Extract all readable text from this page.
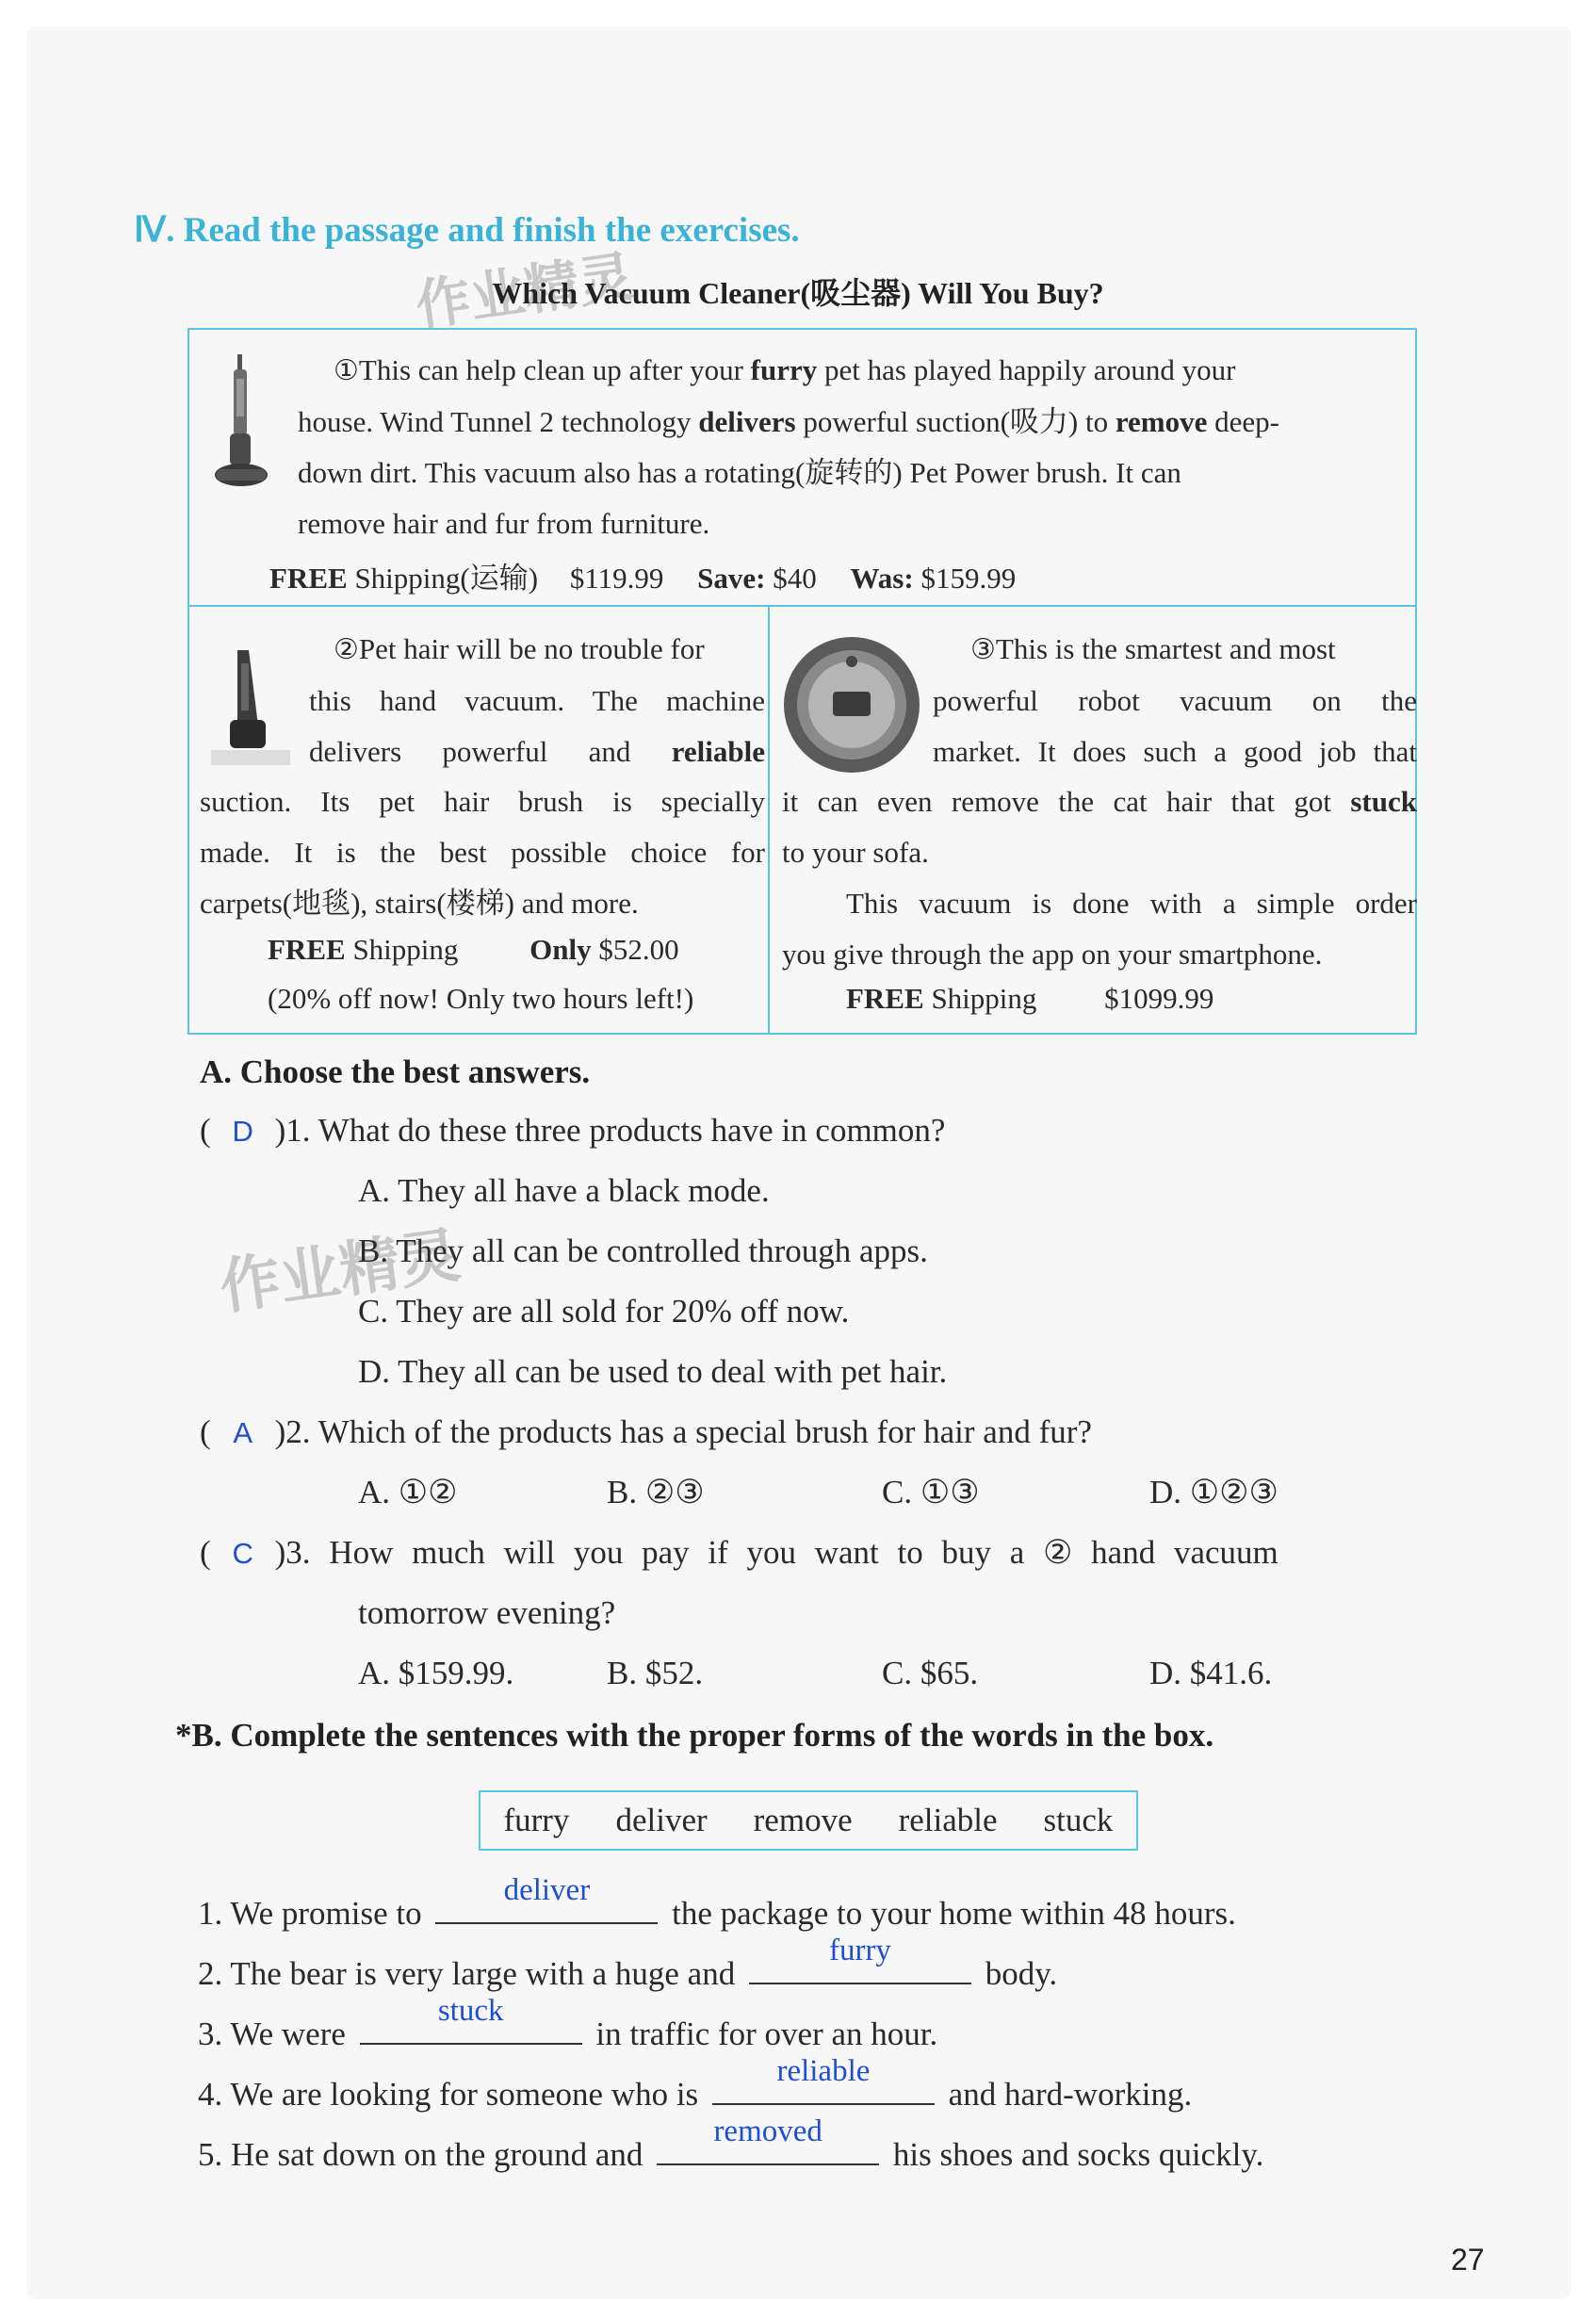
作业精灵
作业精灵
Ⅳ. Read the passage and finish the exercises.
Which Vacuum Cleaner(吸尘器) Will You Buy?
①This can help clean up after your furry pet has played happily around your
house. Wind Tunnel 2 technology delivers powerful suction(吸力) to remove deep-
down dirt. This vacuum also has a rotating(旋转的) Pet Power brush. It can
remove hair and fur from furniture.
FREE Shipping(运输) $119.99 Save: $40 Was: $159.99
②Pet hair will be no trouble for
this hand vacuum. The machine
delivers powerful and reliable
suction. Its pet hair brush is specially
made. It is the best possible choice for
carpets(地毯), stairs(楼梯) and more.
FREE Shipping Only $52.00
(20% off now! Only two hours left!)
③This is the smartest and most
powerful robot vacuum on the
market. It does such a good job that
it can even remove the cat hair that got stuck
to your sofa.
This vacuum is done with a simple order
you give through the app on your smartphone.
FREE Shipping $1099.99
A. Choose the best answers.
( D )1. What do these three products have in common?
A. They all have a black mode.
B. They all can be controlled through apps.
C. They are all sold for 20% off now.
D. They all can be used to deal with pet hair.
( A )2. Which of the products has a special brush for hair and fur?
A. ①②	B. ②③	C. ①③	D. ①②③
( C )3. How much will you pay if you want to buy a ② hand vacuum
tomorrow evening?
A. $159.99.	B. $52.	C. $65.	D. $41.6.
*B. Complete the sentences with the proper forms of the words in the box.
furry deliver remove reliable stuck
1. We promise to
deliver
the package to your home within 48 hours.
2. The bear is very large with a huge and
furry
body.
3. We were
stuck
in traffic for over an hour.
4. We are looking for someone who is
reliable
and hard-working.
5. He sat down on the ground and
removed
his shoes and socks quickly.
27
